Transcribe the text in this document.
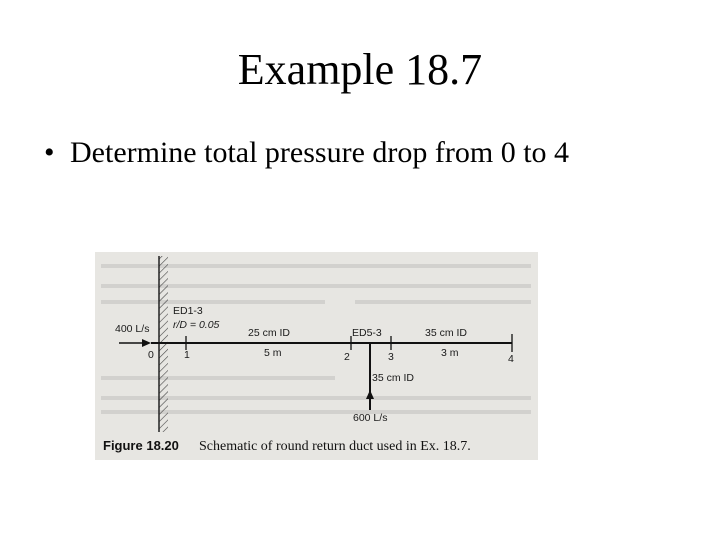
Example 18.7
• Determine total pressure drop from 0 to 4
400 L/s
ED1-3
r/D = 0.05
25 cm ID	ED5-3	35 cm ID
5 m	3 m
35 cm ID
600 L/s
0	1	2	3	4
Figure 18.20 Schematic of round return duct used in Ex. 18.7.
